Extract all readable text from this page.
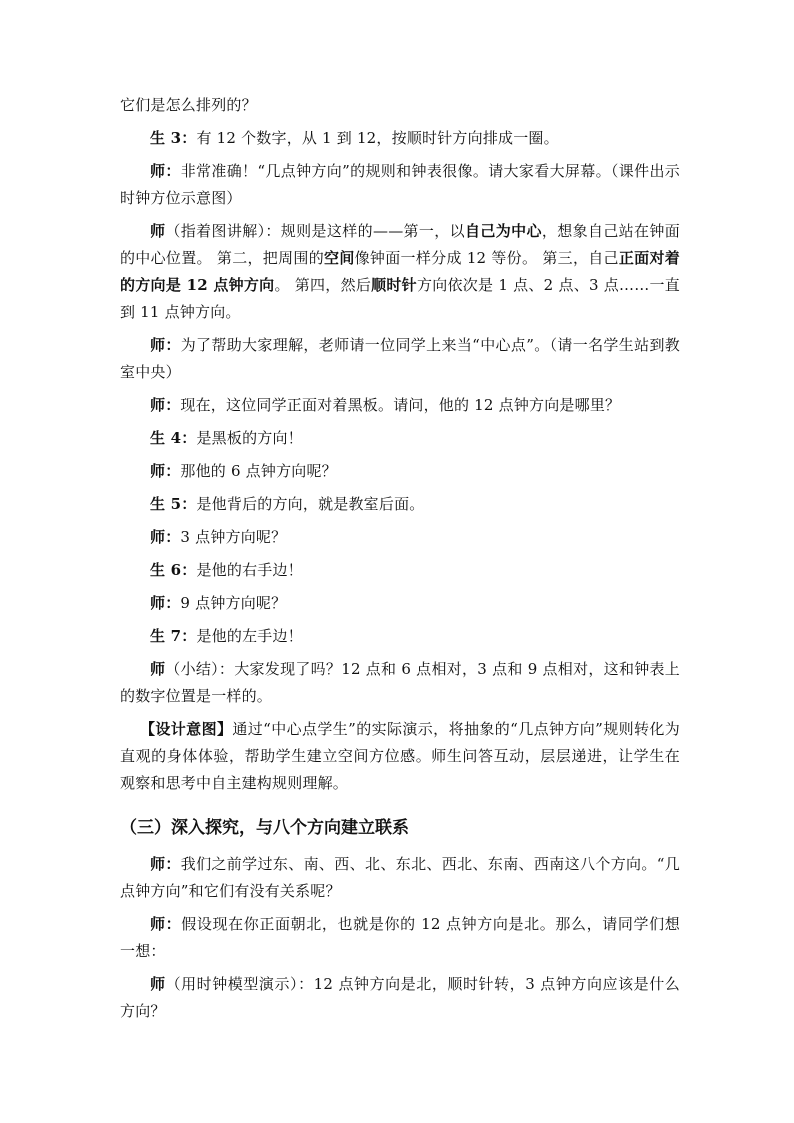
它们是怎么排列的？

生 3：有 12 个数字，从 1 到 12，按顺时针方向排成一圈。

师：非常准确！“几点钟方向”的规则和钟表很像。请大家看大屏幕。（课件出示时钟方位示意图）

师（指着图讲解）：规则是这样的——第一，以自己为中心，想象自己站在钟面的中心位置。 第二，把周围的空间像钟面一样分成 12 等份。 第三，自己正面对着的方向是 12 点钟方向。 第四，然后顺时针方向依次是 1 点、2 点、3 点……一直到 11 点钟方向。

师：为了帮助大家理解，老师请一位同学上来当“中心点”。（请一名学生站到教室中央）

师：现在，这位同学正面对着黑板。请问，他的 12 点钟方向是哪里？

生 4：是黑板的方向！

师：那他的 6 点钟方向呢？

生 5：是他背后的方向，就是教室后面。

师：3 点钟方向呢？

生 6：是他的右手边！

师：9 点钟方向呢？

生 7：是他的左手边！

师（小结）：大家发现了吗？12 点和 6 点相对，3 点和 9 点相对，这和钟表上的数字位置是一样的。

【设计意图】通过“中心点学生”的实际演示，将抽象的“几点钟方向”规则转化为直观的身体体验，帮助学生建立空间方位感。师生问答互动，层层递进，让学生在观察和思考中自主建构规则理解。

（三）深入探究，与八个方向建立联系

师：我们之前学过东、南、西、北、东北、西北、东南、西南这八个方向。“几点钟方向”和它们有没有关系呢？

师：假设现在你正面朝北，也就是你的 12 点钟方向是北。那么，请同学们想一想：

师（用时钟模型演示）：12 点钟方向是北，顺时针转，3 点钟方向应该是什么方向？
